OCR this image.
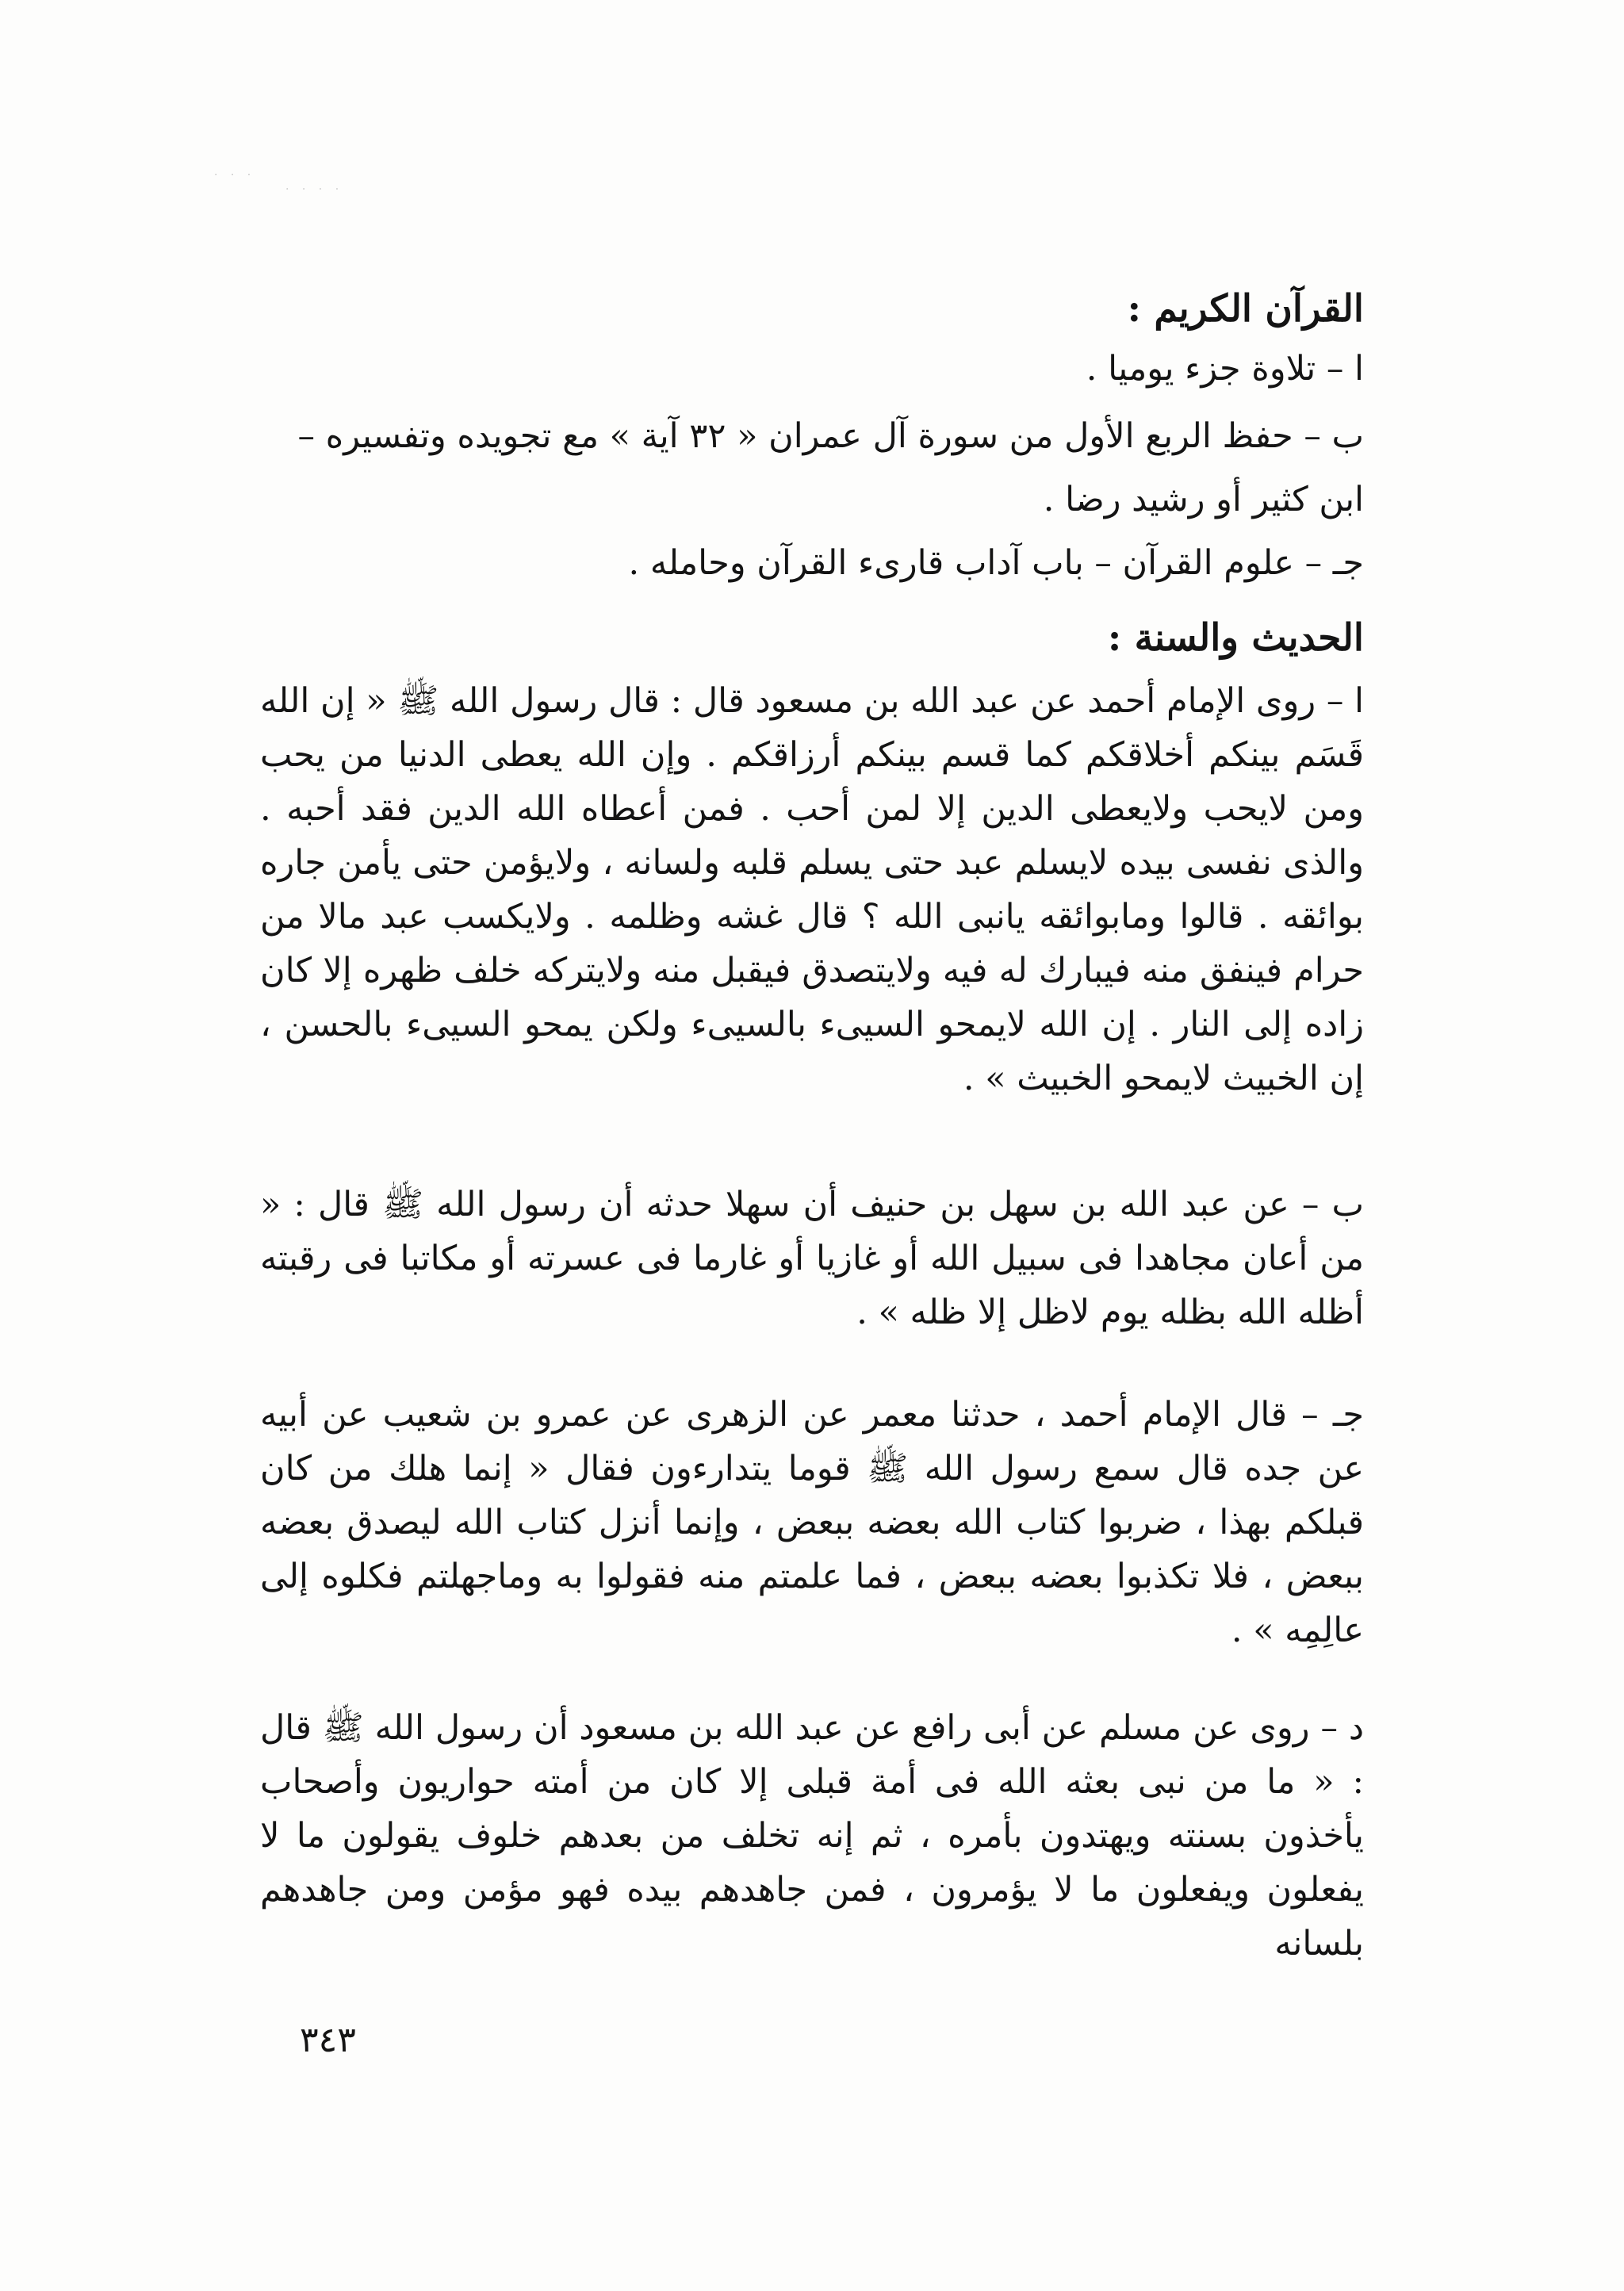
· · ·
· · · ·
القرآن الكريم :
ا – تلاوة جزء يوميا .
ب – حفظ الربع الأول من سورة آل عمران « ٣٢ آية » مع تجويده وتفسيره –
ابن كثير أو رشيد رضا .
جـ – علوم القرآن – باب آداب قارىء القرآن وحامله .
الحديث والسنة :
ا – روى الإمام أحمد عن عبد الله بن مسعود قال : قال رسول الله ﷺ « إن الله قَسَم بينكم أخلاقكم كما قسم بينكم أرزاقكم . وإن الله يعطى الدنيا من يحب ومن لايحب ولايعطى الدين إلا لمن أحب . فمن أعطاه الله الدين فقد أحبه . والذى نفسى بيده لايسلم عبد حتى يسلم قلبه ولسانه ، ولايؤمن حتى يأمن جاره بوائقه . قالوا ومابوائقه يانبى الله ؟ قال غشه وظلمه . ولايكسب عبد مالا من حرام فينفق منه فيبارك له فيه ولايتصدق فيقبل منه ولايتركه خلف ظهره إلا كان زاده إلى النار . إن الله لايمحو السيىء بالسيىء ولكن يمحو السيىء بالحسن ، إن الخبيث لايمحو الخبيث » .
ب – عن عبد الله بن سهل بن حنيف أن سهلا حدثه أن رسول الله ﷺ قال : « من أعان مجاهدا فى سبيل الله أو غازيا أو غارما فى عسرته أو مكاتبا فى رقبته أظله الله بظله يوم لاظل إلا ظله » .
جـ – قال الإمام أحمد ، حدثنا معمر عن الزهرى عن عمرو بن شعيب عن أبيه عن جده قال سمع رسول الله ﷺ قوما يتدارءون فقال « إنما هلك من كان قبلكم بهذا ، ضربوا كتاب الله بعضه ببعض ، وإنما أنزل كتاب الله ليصدق بعضه ببعض ، فلا تكذبوا بعضه ببعض ، فما علمتم منه فقولوا به وماجهلتم فكلوه إلى عالِمِه » .
د – روى عن مسلم عن أبى رافع عن عبد الله بن مسعود أن رسول الله ﷺ قال : « ما من نبى بعثه الله فى أمة قبلى إلا كان من أمته حواريون وأصحاب يأخذون بسنته ويهتدون بأمره ، ثم إنه تخلف من بعدهم خلوف يقولون ما لا يفعلون ويفعلون ما لا يؤمرون ، فمن جاهدهم بيده فهو مؤمن ومن جاهدهم بلسانه
٣٤٣
